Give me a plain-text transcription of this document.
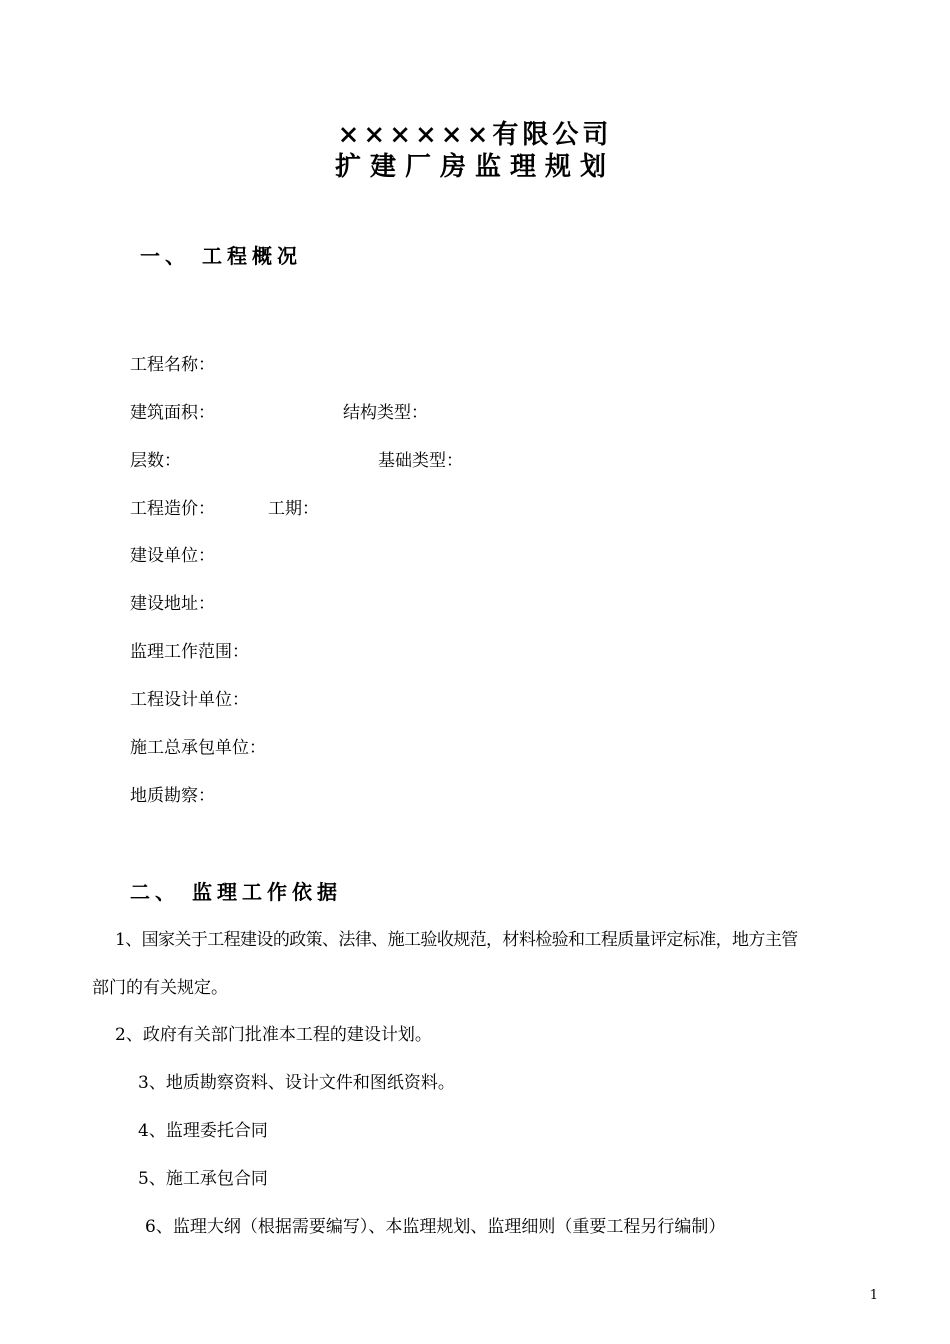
××××××有限公司
扩建厂房监理规划
一、 工程概况
工程名称：
建筑面积：	结构类型：
层数：	基础类型：
工程造价：	工期：
建设单位：
建设地址：
监理工作范围：
工程设计单位：
施工总承包单位：
地质勘察：
二、 监理工作依据
1、国家关于工程建设的政策、法律、施工验收规范，材料检验和工程质量评定标准，地方主管
部门的有关规定。
2、政府有关部门批准本工程的建设计划。
3、地质勘察资料、设计文件和图纸资料。
4、监理委托合同
5、施工承包合同
6、监理大纲（根据需要编写）、本监理规划、监理细则（重要工程另行编制）
1
